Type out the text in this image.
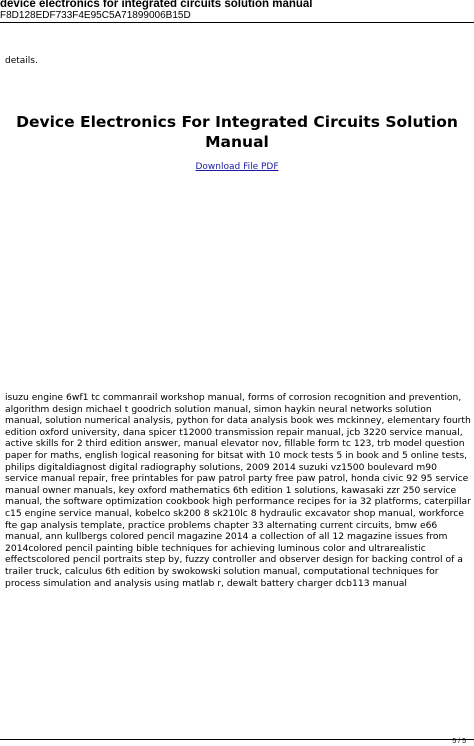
device electronics for integrated circuits solution manual
F8D128EDF733F4E95C5A71899006B15D
details.
Device Electronics For Integrated Circuits Solution Manual
Download File PDF

isuzu engine 6wf1 tc commanrail workshop manual, forms of corrosion recognition and prevention, algorithm design michael t goodrich solution manual, simon haykin neural networks solution manual, solution numerical analysis, python for data analysis book wes mckinney, elementary fourth edition oxford university, dana spicer t12000 transmission repair manual, jcb 3220 service manual, active skills for 2 third edition answer, manual elevator nov, fillable form tc 123, trb model question paper for maths, english logical reasoning for bitsat with 10 mock tests 5 in book and 5 online tests, philips digitaldiagnost digital radiography solutions, 2009 2014 suzuki vz1500 boulevard m90 service manual repair, free printables for paw patrol party free paw patrol, honda civic 92 95 service manual owner manuals, key oxford mathematics 6th edition 1 solutions, kawasaki zzr 250 service manual, the software optimization cookbook high performance recipes for ia 32 platforms, caterpillar c15 engine service manual, kobelco sk200 8 sk210lc 8 hydraulic excavator shop manual, workforce fte gap analysis template, practice problems chapter 33 alternating current circuits, bmw e66 manual, ann kullbergs colored pencil magazine 2014 a collection of all 12 magazine issues from 2014colored pencil painting bible techniques for achieving luminous color and ultrarealistic effectscolored pencil portraits step by, fuzzy controller and observer design for backing control of a trailer truck, calculus 6th edition by swokowski solution manual, computational techniques for process simulation and analysis using matlab r, dewalt battery charger dcb113 manual

5 / 5
